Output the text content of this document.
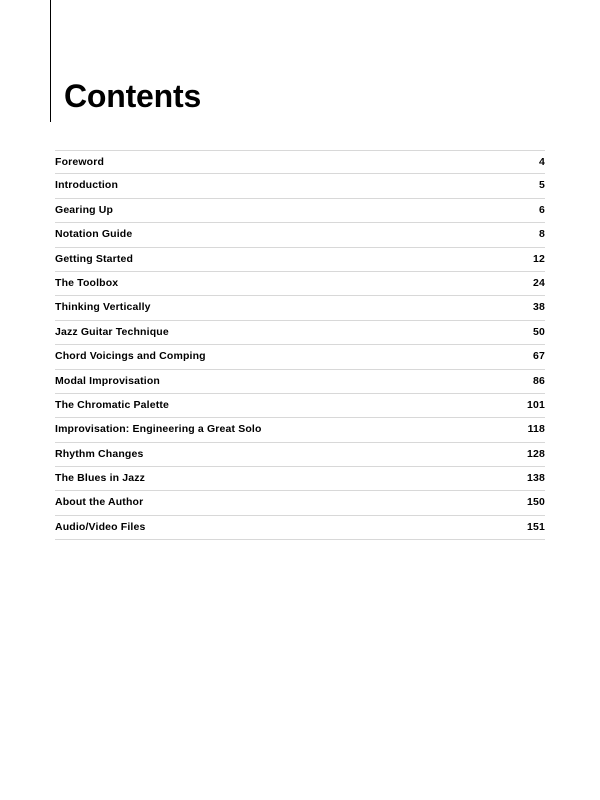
Contents
Foreword	4
Introduction	5
Gearing Up	6
Notation Guide	8
Getting Started	12
The Toolbox	24
Thinking Vertically	38
Jazz Guitar Technique	50
Chord Voicings and Comping	67
Modal Improvisation	86
The Chromatic Palette	101
Improvisation: Engineering a Great Solo	118
Rhythm Changes	128
The Blues in Jazz	138
About the Author	150
Audio/Video Files	151
